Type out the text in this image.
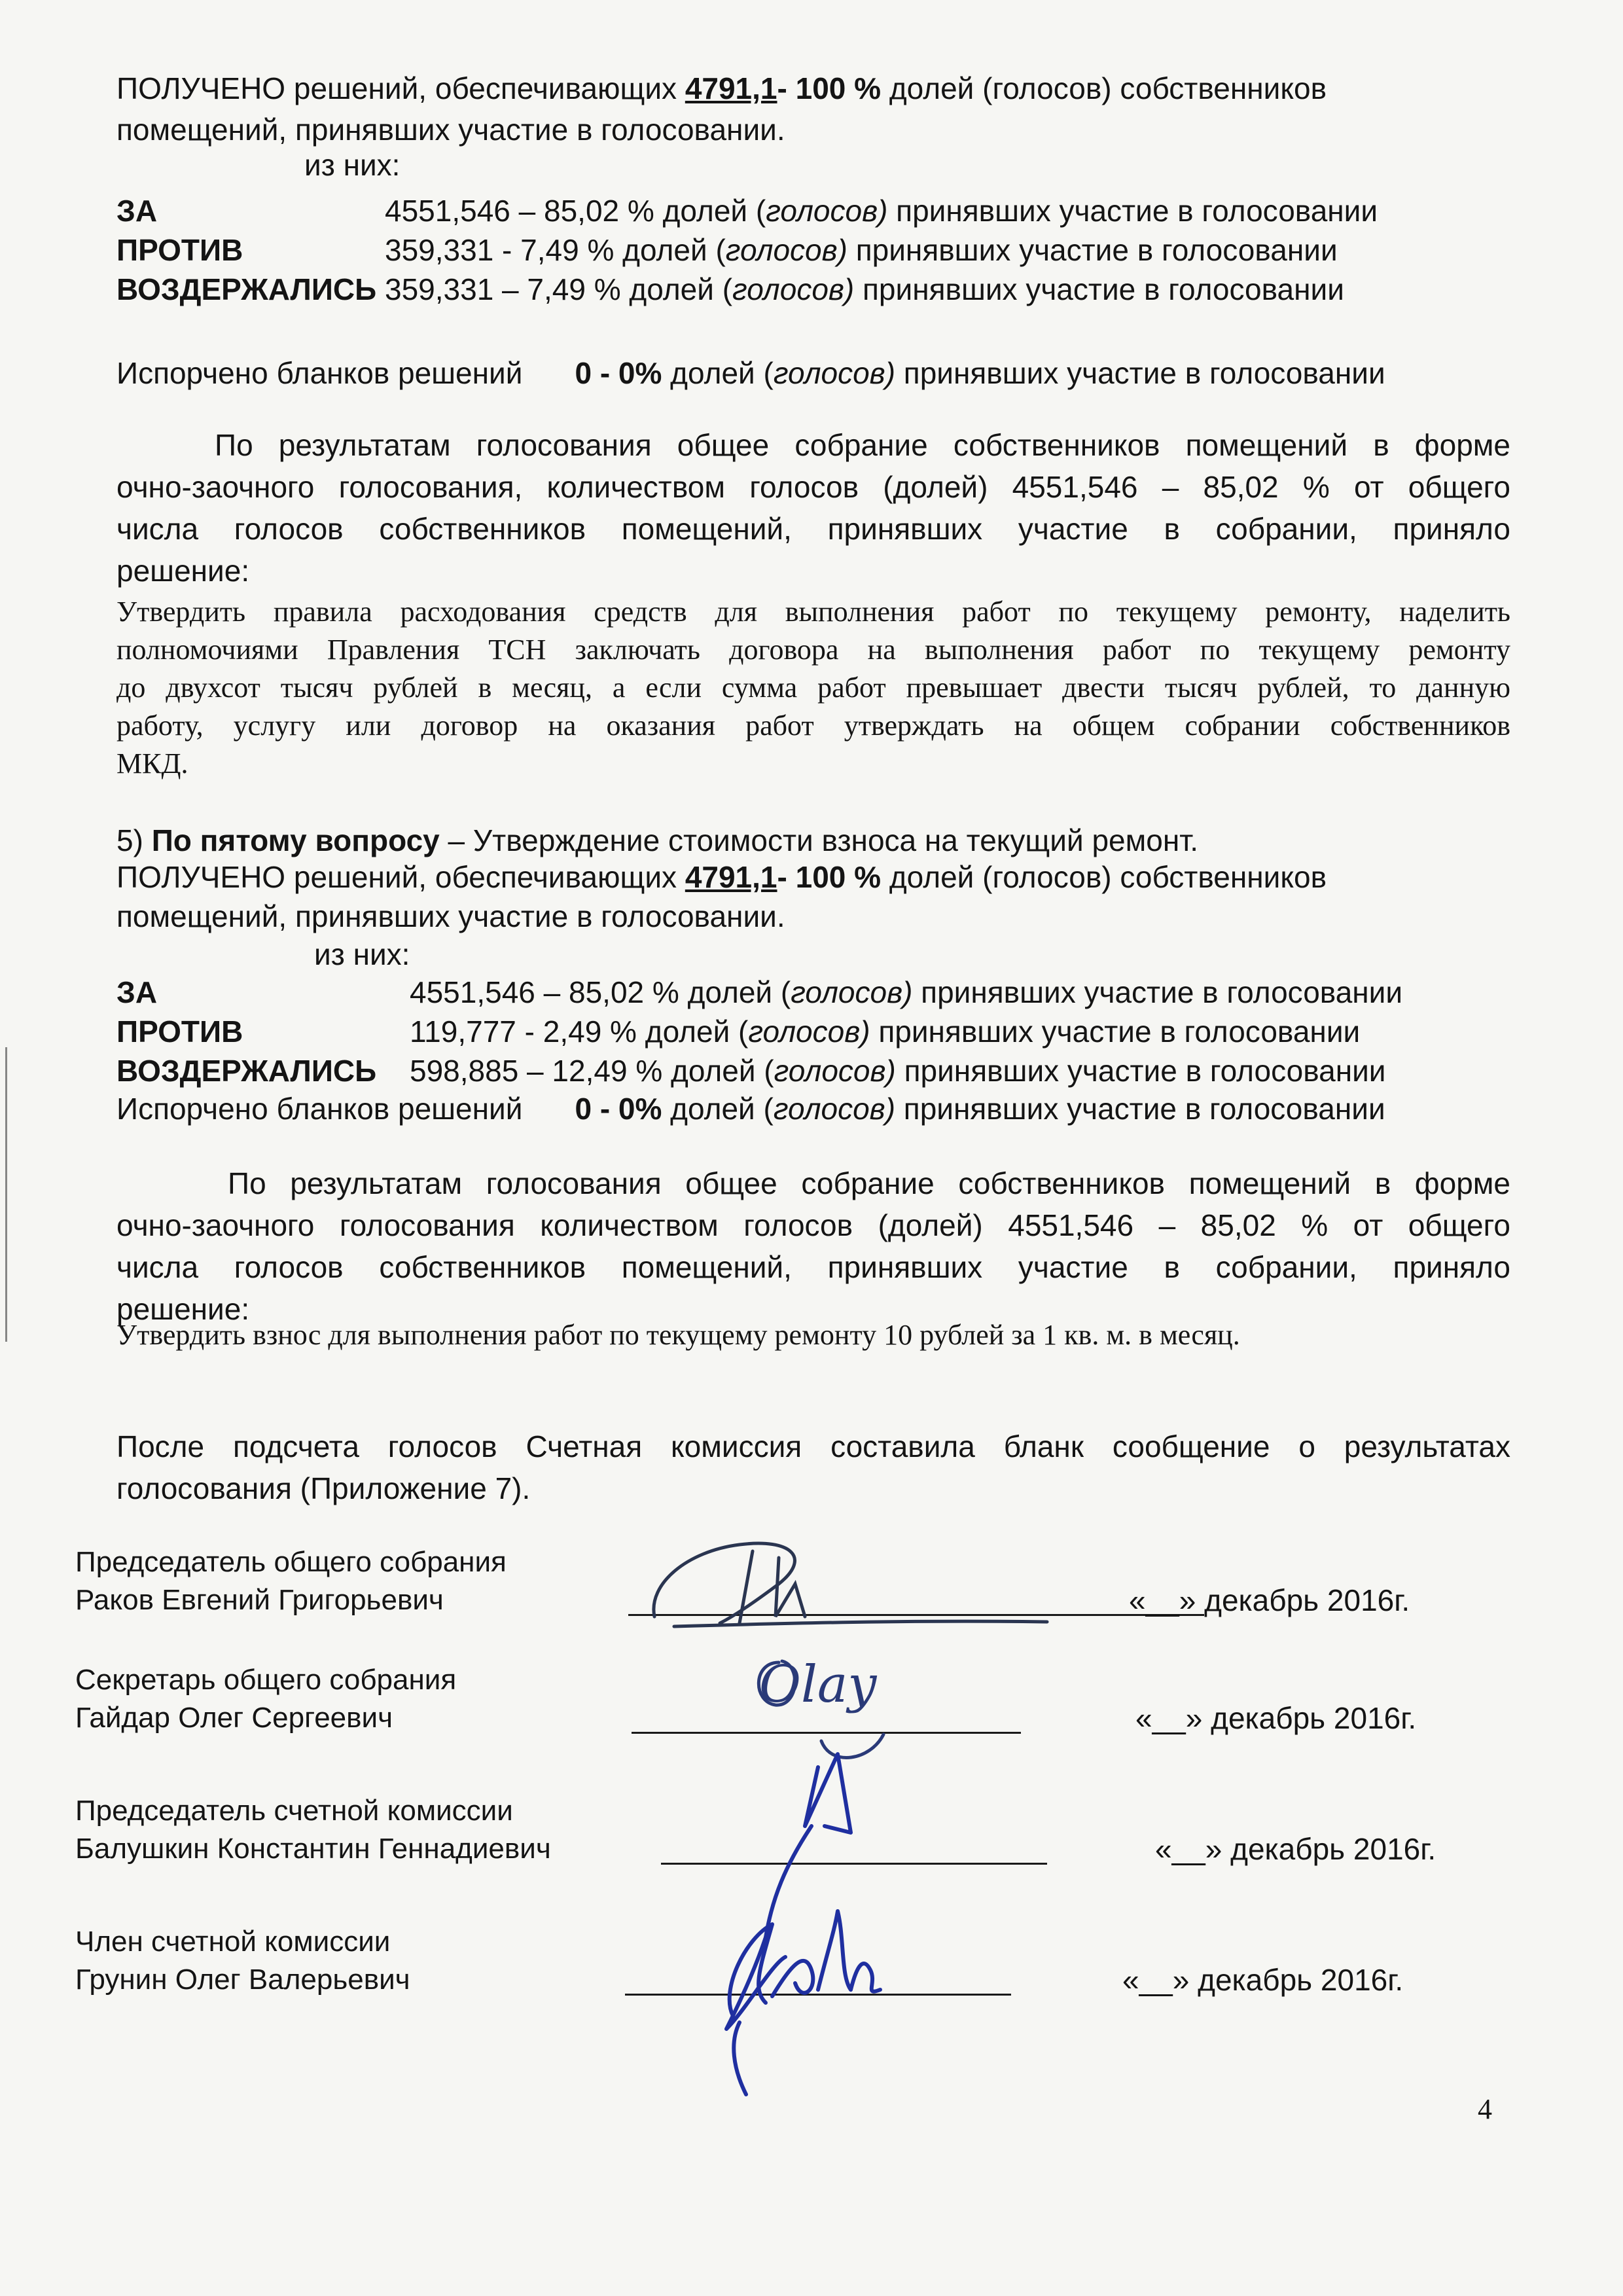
ПОЛУЧЕНО решений, обеспечивающих 4791,1- 100 % долей (голосов) собственников
помещений, принявших участие в голосовании.
из них:
ЗА	4551,546 – 85,02 % долей (голосов) принявших участие в голосовании
ПРОТИВ	359,331 - 7,49 % долей (голосов) принявших участие в голосовании
ВОЗДЕРЖАЛИСЬ 359,331 – 7,49 % долей (голосов) принявших участие в голосовании
Испорчено бланков решений 0 - 0% долей (голосов) принявших участие в голосовании

По результатам голосования общее собрание собственников помещений в форме

очно-заочного голосования, количеством голосов (долей) 4551,546 – 85,02 % от общего

числа голосов собственников помещений, принявших участие в собрании, приняло

решение:

Утвердить правила расходования средств для выполнения работ по текущему ремонту, наделить

полномочиями Правления ТСН заключать договора на выполнения работ по текущему ремонту

до двухсот тысяч рублей в месяц, а если сумма работ превышает двести тысяч рублей, то данную

работу, услугу или договор на оказания работ утверждать на общем собрании собственников

МКД.

5) По пятому вопросу – Утверждение стоимости взноса на текущий ремонт.
ПОЛУЧЕНО решений, обеспечивающих 4791,1- 100 % долей (голосов) собственников
помещений, принявших участие в голосовании.
из них:
ЗА	4551,546 – 85,02 % долей (голосов) принявших участие в голосовании
ПРОТИВ	119,777 - 2,49 % долей (голосов) принявших участие в голосовании
ВОЗДЕРЖАЛИСЬ 598,885 – 12,49 % долей (голосов) принявших участие в голосовании
Испорчено бланков решений 0 - 0% долей (голосов) принявших участие в голосовании

По результатам голосования общее собрание собственников помещений в форме

очно-заочного голосования количеством голосов (долей) 4551,546 – 85,02 % от общего

числа голосов собственников помещений, принявших участие в собрании, приняло

решение:

Утвердить взнос для выполнения работ по текущему ремонту 10 рублей за 1 кв. м. в месяц.

После подсчета голосов Счетная комиссия составила бланк сообщение о результатах

голосования (Приложение 7).

Председатель общего собрания
Раков Евгений Григорьевич	«__» декабрь 2016г.
Секретарь общего собрания
Гайдар Олег Сергеевич	«__» декабрь 2016г.
Председатель счетной комиссии
Балушкин Константин Геннадиевич	«__» декабрь 2016г.
Член счетной комиссии
Грунин Олег Валерьевич	«__» декабрь 2016г.
Olay
4
